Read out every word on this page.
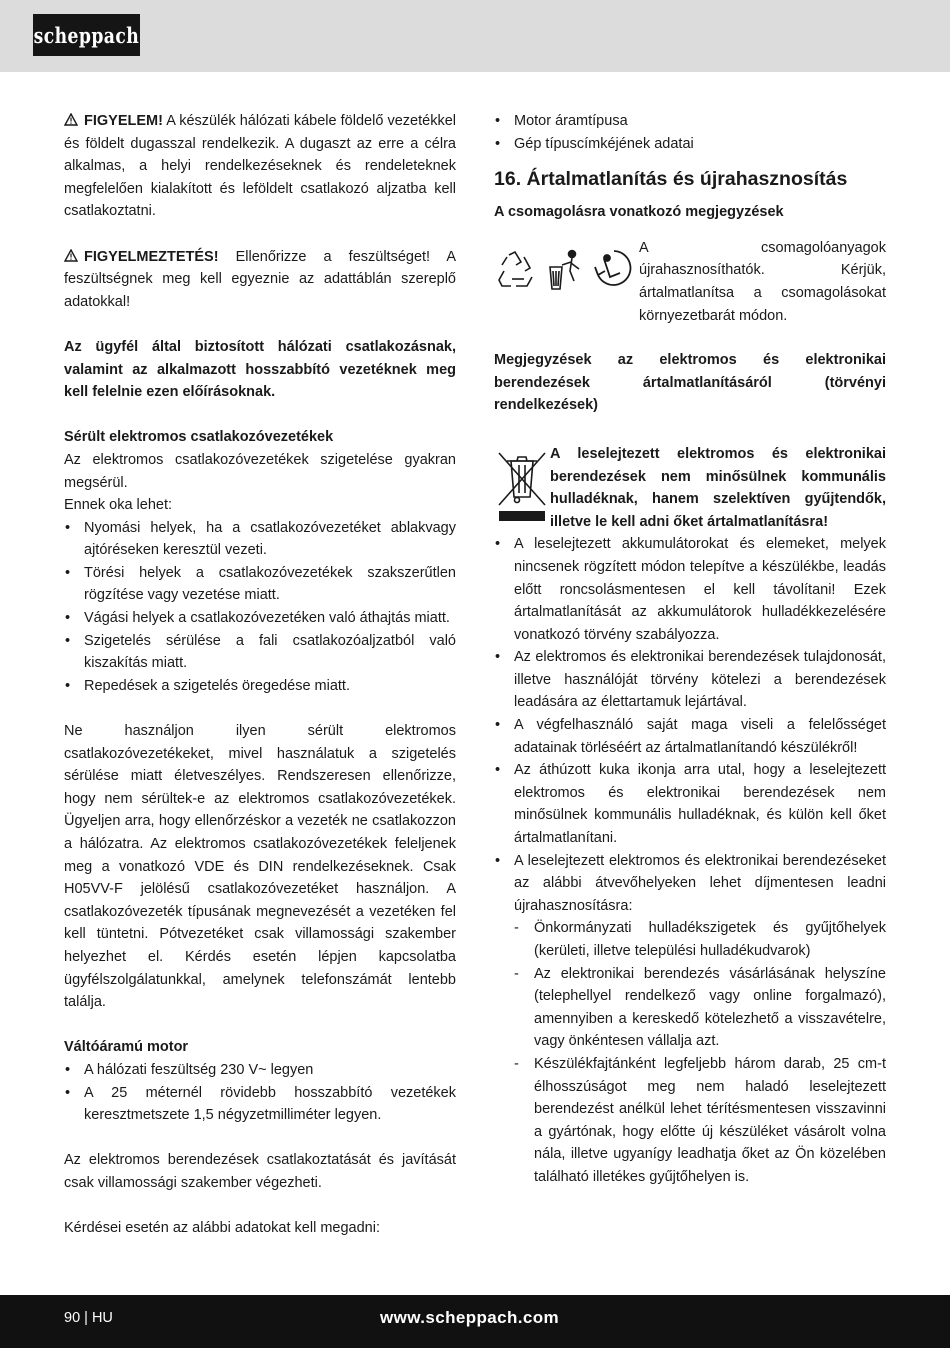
scheppach

FIGYELEM! A készülék hálózati kábele földelő vezetékkel és földelt dugasszal rendelkezik. A dugaszt az erre a célra alkalmas, a helyi rendelkezéseknek és rendeleteknek megfelelően kialakított és leföldelt csatlakozó aljzatba kell csatlakoztatni.

FIGYELMEZTETÉS! Ellenőrizze a feszültséget! A feszültségnek meg kell egyeznie az adattáblán szereplő adatokkal!

Az ügyfél által biztosított hálózati csatlakozásnak, valamint az alkalmazott hosszabbító vezetéknek meg kell felelnie ezen előírásoknak.

Sérült elektromos csatlakozóvezetékek

Az elektromos csatlakozóvezetékek szigetelése gyakran megsérül.

Ennek oka lehet:

• Nyomási helyek, ha a csatlakozóvezetéket ablakvagy ajtóréseken keresztül vezeti.
• Törési helyek a csatlakozóvezetékek szakszerűtlen rögzítése vagy vezetése miatt.
• Vágási helyek a csatlakozóvezetéken való áthajtás miatt.
• Szigetelés sérülése a fali csatlakozóaljzatból való kiszakítás miatt.
• Repedések a szigetelés öregedése miatt.

Ne használjon ilyen sérült elektromos csatlakozóvezetékeket, mivel használatuk a szigetelés sérülése miatt életveszélyes. Rendszeresen ellenőrizze, hogy nem sérültek-e az elektromos csatlakozóvezetékek. Ügyeljen arra, hogy ellenőrzéskor a vezeték ne csatlakozzon a hálózatra. Az elektromos csatlakozóvezetékek feleljenek meg a vonatkozó VDE és DIN rendelkezéseknek. Csak H05VV-F jelölésű csatlakozóvezetéket használjon. A csatlakozóvezeték típusának megnevezését a vezetéken fel kell tüntetni. Pótvezetéket csak villamossági szakember helyezhet el. Kérdés esetén lépjen kapcsolatba ügyfélszolgálatunkkal, amelynek telefonszámát lentebb találja.

Váltóáramú motor
• A hálózati feszültség 230 V~ legyen
• A 25 méternél rövidebb hosszabbító vezetékek keresztmetszete 1,5 négyzetmilliméter legyen.

Az elektromos berendezések csatlakoztatását és javítását csak villamossági szakember végezheti.

Kérdései esetén az alábbi adatokat kell megadni:

• Motor áramtípusa
• Gép típuscímkéjének adatai
16. Ártalmatlanítás és újrahasznosítás
A csomagolásra vonatkozó megjegyzések

A csomagolóanyagok újrahasznosíthatók. Kérjük, ártalmatlanítsa a csomagolásokat környezetbarát módon.

Megjegyzések az elektromos és elektronikai berendezések ártalmatlanításáról (törvényi rendelkezések)

A leselejtezett elektromos és elektronikai berendezések nem minősülnek kommunális hulladéknak, hanem szelektíven gyűjtendők, illetve le kell adni őket ártalmatlanításra!

• A leselejtezett akkumulátorokat és elemeket, melyek nincsenek rögzített módon telepítve a készülékbe, leadás előtt roncsolásmentesen el kell távolítani! Ezek ártalmatlanítását az akkumulátorok hulladékkezelésére vonatkozó törvény szabályozza.
• Az elektromos és elektronikai berendezések tulajdonosát, illetve használóját törvény kötelezi a berendezések leadására az élettartamuk lejártával.
• A végfelhasználó saját maga viseli a felelősséget adatainak törléséért az ártalmatlanítandó készülékről!
• Az áthúzott kuka ikonja arra utal, hogy a leselejtezett elektromos és elektronikai berendezések nem minősülnek kommunális hulladéknak, és külön kell őket ártalmatlanítani.
• A leselejtezett elektromos és elektronikai berendezéseket az alábbi átvevőhelyeken lehet díjmentesen leadni újrahasznosításra:
- Önkormányzati hulladékszigetek és gyűjtőhelyek (kerületi, illetve települési hulladékudvarok)
- Az elektronikai berendezés vásárlásának helyszíne (telephellyel rendelkező vagy online forgalmazó), amennyiben a kereskedő kötelezhető a visszavételre, vagy önkéntesen vállalja azt.
- Készülékfajtánként legfeljebb három darab, 25 cm-t élhosszúságot meg nem haladó leselejtezett berendezést anélkül lehet térítésmentesen visszavinni a gyártónak, hogy előtte új készüléket vásárolt volna nála, illetve ugyanígy leadhatja őket az Ön közelében található illetékes gyűjtőhelyen is.
90 | HU	www.scheppach.com
